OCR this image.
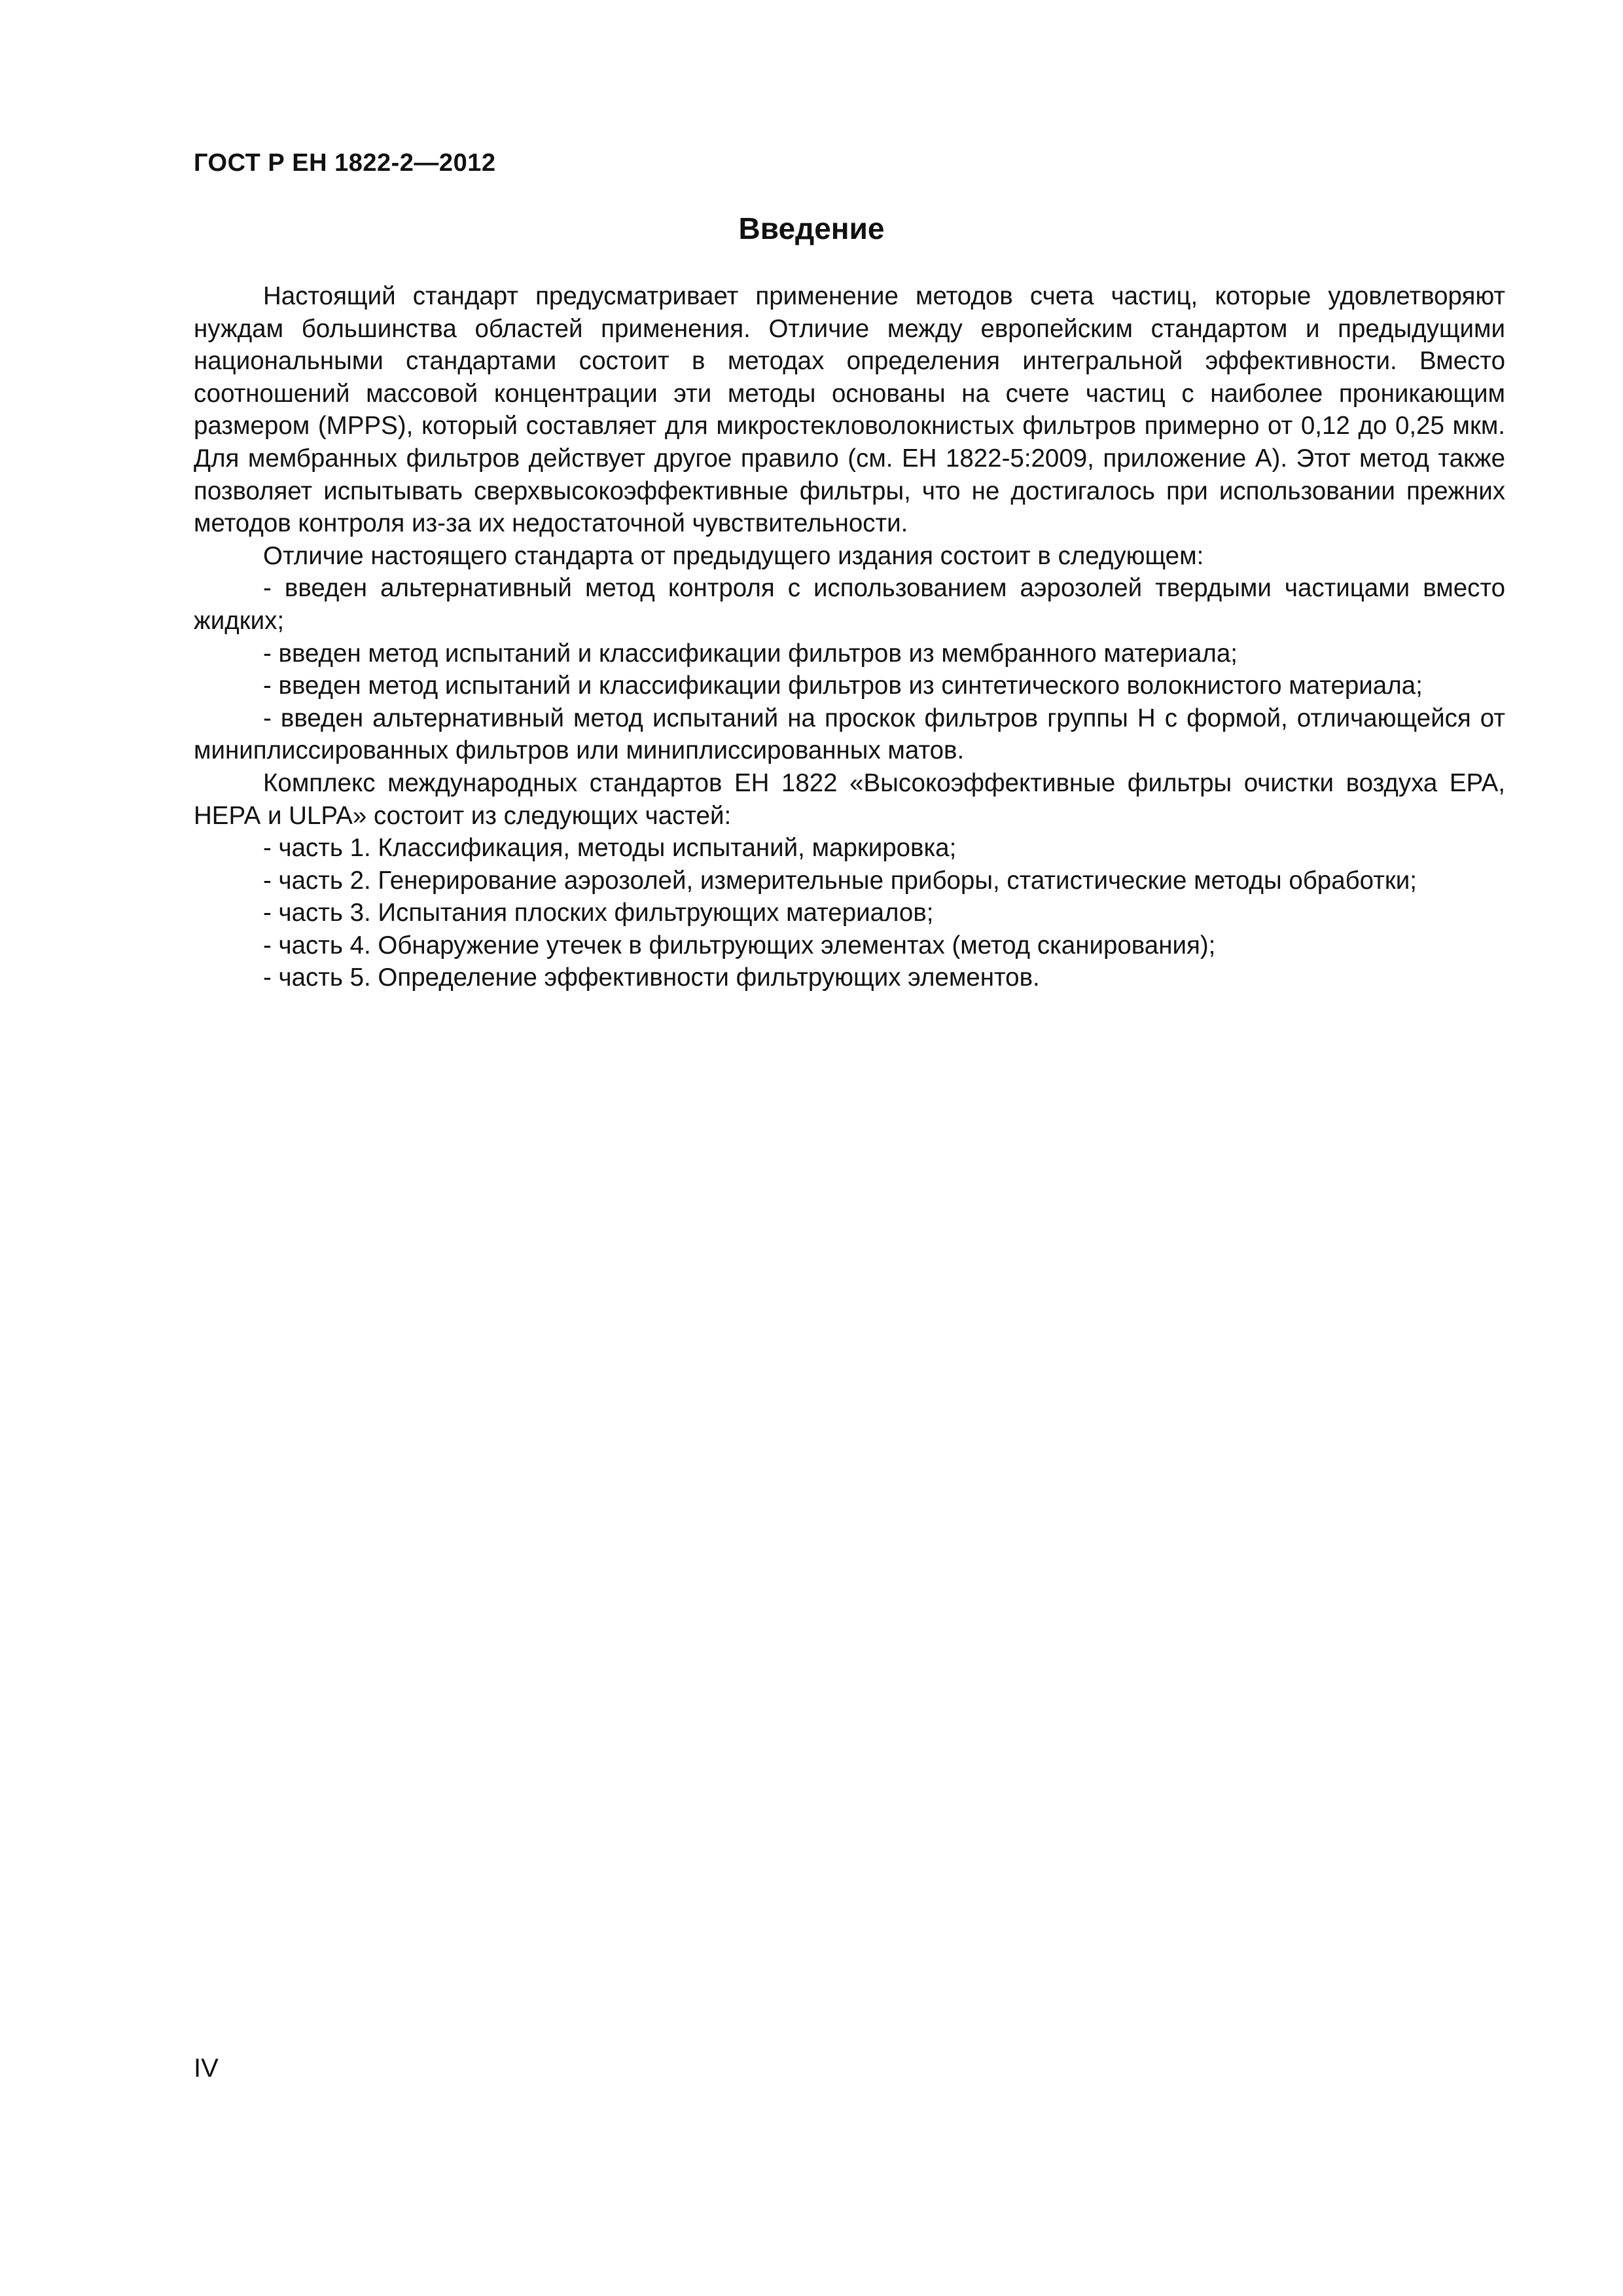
ГОСТ Р ЕН 1822-2—2012
Введение

Настоящий стандарт предусматривает применение методов счета частиц, которые удовлетворяют нуждам большинства областей применения. Отличие между европейским стандартом и предыдущими национальными стандартами состоит в методах определения интегральной эффективности. Вместо соотношений массовой концентрации эти методы основаны на счете частиц с наиболее проникающим размером (MPPS), который составляет для микростекловолокнистых фильтров примерно от 0,12 до 0,25 мкм. Для мембранных фильтров действует другое правило (см. ЕН 1822-5:2009, приложение А). Этот метод также позволяет испытывать сверхвысокоэффективные фильтры, что не достигалось при использовании прежних методов контроля из-за их недостаточной чувствительности.

Отличие настоящего стандарта от предыдущего издания состоит в следующем:

- введен альтернативный метод контроля с использованием аэрозолей твердыми частицами вместо жидких;

- введен метод испытаний и классификации фильтров из мембранного материала;

- введен метод испытаний и классификации фильтров из синтетического волокнистого материала;

- введен альтернативный метод испытаний на проскок фильтров группы Н с формой, отличающейся от миниплиссированных фильтров или миниплиссированных матов.

Комплекс международных стандартов ЕН 1822 «Высокоэффективные фильтры очистки воздуха ЕРА, НЕРА и ULPA» состоит из следующих частей:

- часть 1. Классификация, методы испытаний, маркировка;

- часть 2. Генерирование аэрозолей, измерительные приборы, статистические методы обработки;

- часть 3. Испытания плоских фильтрующих материалов;

- часть 4. Обнаружение утечек в фильтрующих элементах (метод сканирования);

- часть 5. Определение эффективности фильтрующих элементов.

IV
